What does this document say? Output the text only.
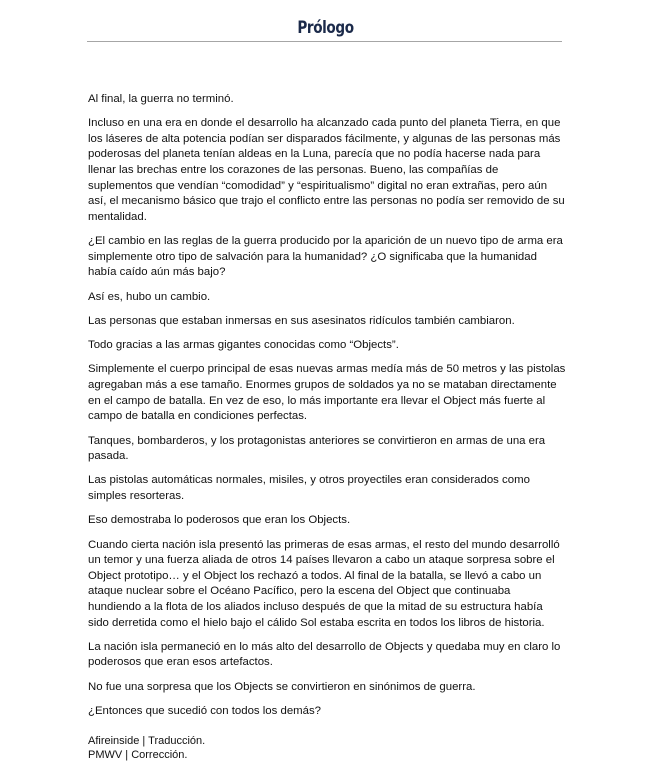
Prólogo

Al final, la guerra no terminó.

Incluso en una era en donde el desarrollo ha alcanzado cada punto del planeta Tierra, en que los láseres de alta potencia podían ser disparados fácilmente, y algunas de las personas más poderosas del planeta tenían aldeas en la Luna, parecía que no podía hacerse nada para llenar las brechas entre los corazones de las personas. Bueno, las compañías de suplementos que vendían “comodidad” y “espiritualismo” digital no eran extrañas, pero aún así, el mecanismo básico que trajo el conflicto entre las personas no podía ser removido de su mentalidad.

¿El cambio en las reglas de la guerra producido por la aparición de un nuevo tipo de arma era simplemente otro tipo de salvación para la humanidad? ¿O significaba que la humanidad había caído aún más bajo?

Así es, hubo un cambio.

Las personas que estaban inmersas en sus asesinatos ridículos también cambiaron.

Todo gracias a las armas gigantes conocidas como “Objects”.

Simplemente el cuerpo principal de esas nuevas armas medía más de 50 metros y las pistolas agregaban más a ese tamaño. Enormes grupos de soldados ya no se mataban directamente en el campo de batalla. En vez de eso, lo más importante era llevar el Object más fuerte al campo de batalla en condiciones perfectas.

Tanques, bombarderos, y los protagonistas anteriores se convirtieron en armas de una era pasada.

Las pistolas automáticas normales, misiles, y otros proyectiles eran considerados como simples resorteras.

Eso demostraba lo poderosos que eran los Objects.

Cuando cierta nación isla presentó las primeras de esas armas, el resto del mundo desarrolló un temor y una fuerza aliada de otros 14 países llevaron a cabo un ataque sorpresa sobre el Object prototipo… y el Object los rechazó a todos. Al final de la batalla, se llevó a cabo un ataque nuclear sobre el Océano Pacífico, pero la escena del Object que continuaba hundiendo a la flota de los aliados incluso después de que la mitad de su estructura había sido derretida como el hielo bajo el cálido Sol estaba escrita en todos los libros de historia.

La nación isla permaneció en lo más alto del desarrollo de Objects y quedaba muy en claro lo poderosos que eran esos artefactos.

No fue una sorpresa que los Objects se convirtieron en sinónimos de guerra.

¿Entonces que sucedió con todos los demás?

Afireinside | Traducción.
PMWV | Corrección.
